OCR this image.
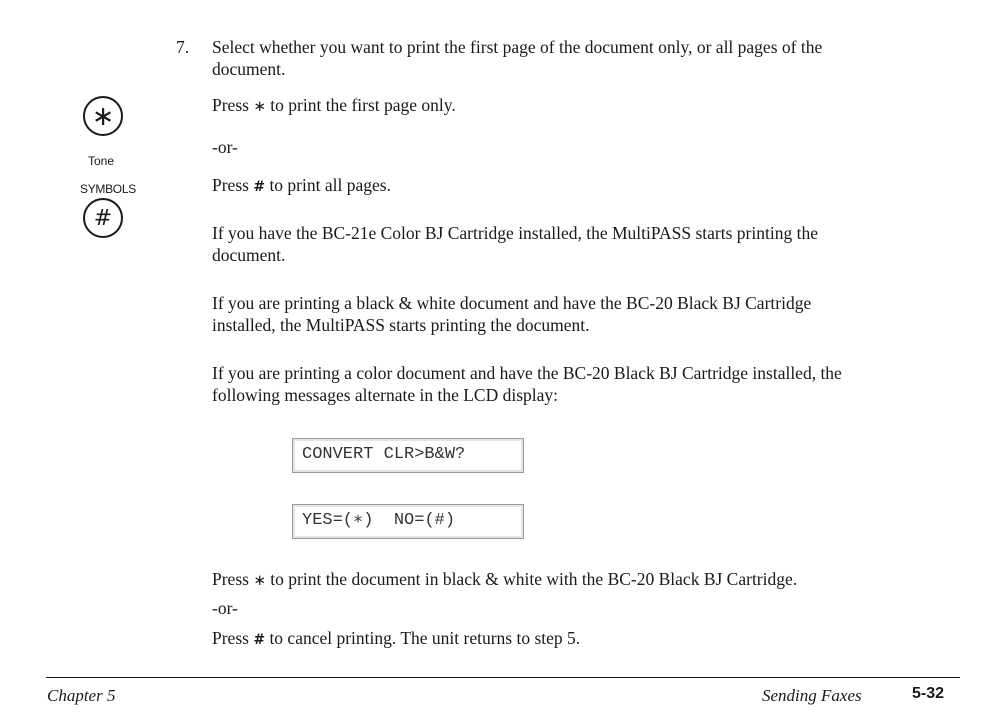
7. Select whether you want to print the first page of the document only, or all pages of the
document.
∗
Tone
SYMBOLS
#
Press ∗ to print the first page only.
-or-
Press # to print all pages.
If you have the BC-21e Color BJ Cartridge installed, the MultiPASS starts printing the
document.
If you are printing a black & white document and have the BC-20 Black BJ Cartridge
installed, the MultiPASS starts printing the document.
If you are printing a color document and have the BC-20 Black BJ Cartridge installed, the
following messages alternate in the LCD display:
CONVERT CLR>B&W?
YES=(∗)  NO=(#)
Press ∗ to print the document in black & white with the BC-20 Black BJ Cartridge.
-or-
Press # to cancel printing. The unit returns to step 5.
Chapter 5	Sending Faxes	5-32
